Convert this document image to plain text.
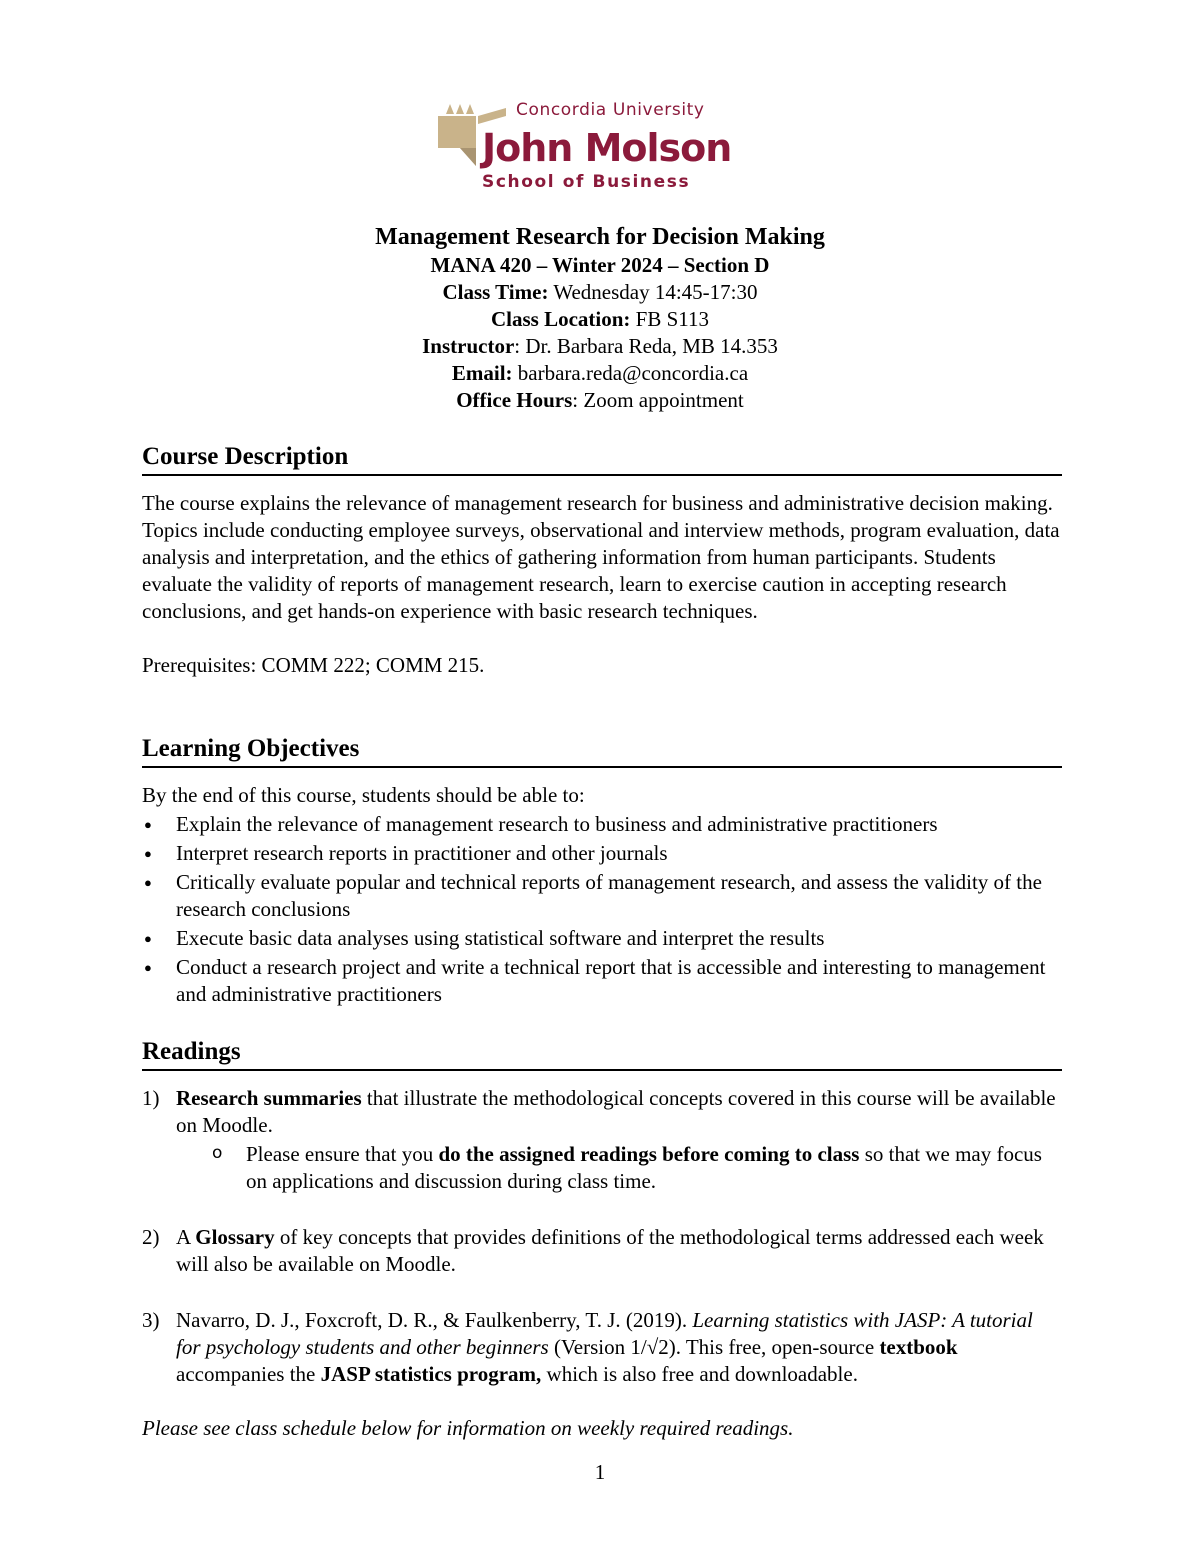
Concordia University
John Molson
School of Business
Management Research for Decision Making
MANA 420 – Winter 2024 – Section D
Class Time: Wednesday 14:45-17:30
Class Location: FB S113
Instructor: Dr. Barbara Reda, MB 14.353
Email: barbara.reda@concordia.ca
Office Hours: Zoom appointment
Course Description
The course explains the relevance of management research for business and administrative decision making. Topics include conducting employee surveys, observational and interview methods, program evaluation, data analysis and interpretation, and the ethics of gathering information from human participants. Students evaluate the validity of reports of management research, learn to exercise caution in accepting research conclusions, and get hands-on experience with basic research techniques.
Prerequisites: COMM 222; COMM 215.
Learning Objectives
By the end of this course, students should be able to:
● Explain the relevance of management research to business and administrative practitioners
● Interpret research reports in practitioner and other journals
● Critically evaluate popular and technical reports of management research, and assess the validity of the research conclusions
● Execute basic data analyses using statistical software and interpret the results
● Conduct a research project and write a technical report that is accessible and interesting to management and administrative practitioners
Readings
1) Research summaries that illustrate the methodological concepts covered in this course will be available on Moodle.
o Please ensure that you do the assigned readings before coming to class so that we may focus on applications and discussion during class time.
2) A Glossary of key concepts that provides definitions of the methodological terms addressed each week will also be available on Moodle.
3) Navarro, D. J., Foxcroft, D. R., & Faulkenberry, T. J. (2019). Learning statistics with JASP: A tutorial for psychology students and other beginners (Version 1/√2). This free, open-source textbook accompanies the JASP statistics program, which is also free and downloadable.
Please see class schedule below for information on weekly required readings.
1
